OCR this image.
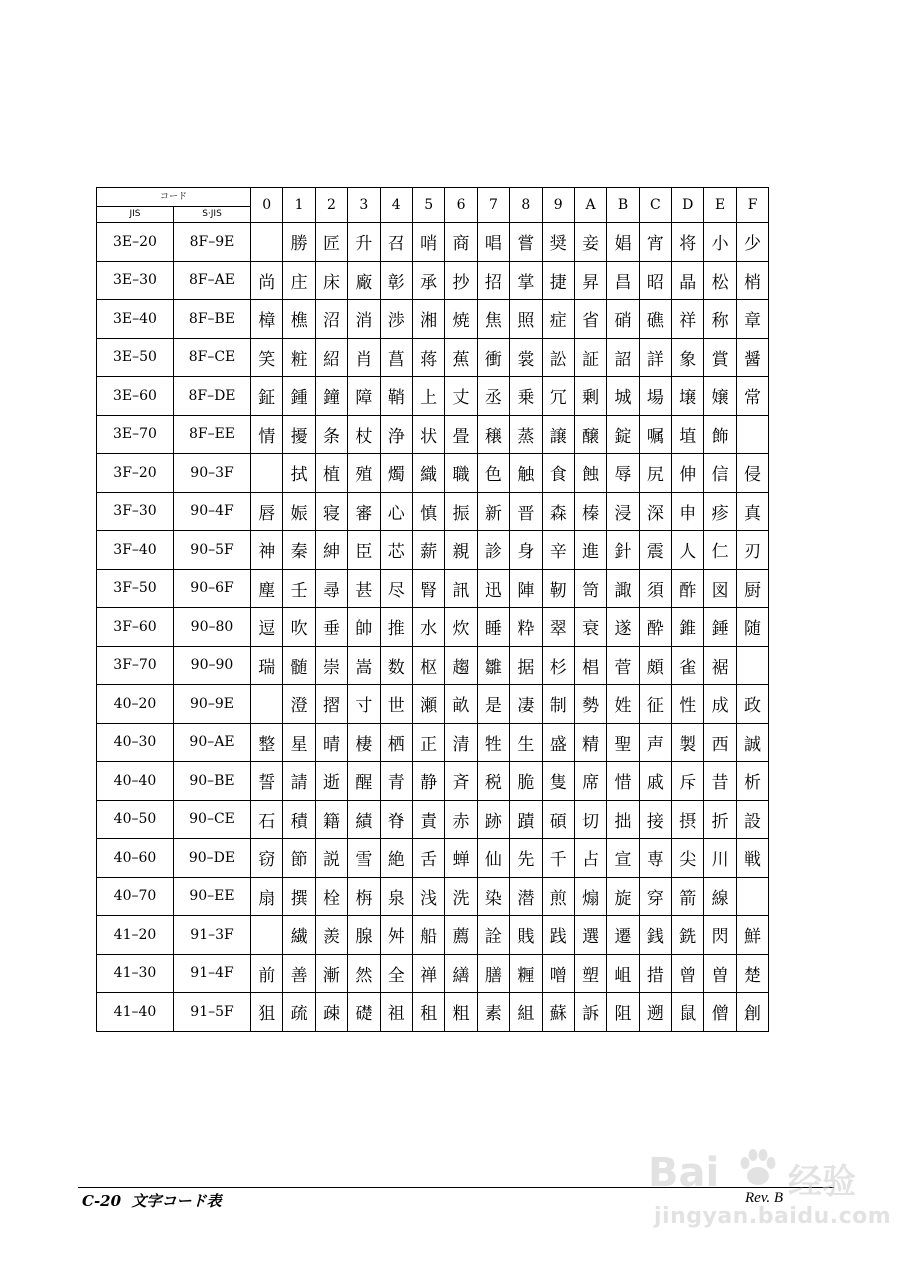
コード		0	1	2	3	4	5	6	7	8	9	A	B	C	D	E	F
JIS	S·JIS																
3E–20	8F–9E		勝	匠	升	召	哨	商	唱	嘗	奨	妾	娼	宵	将	小	少
3E–30	8F–AE	尚	庄	床	廠	彰	承	抄	招	掌	捷	昇	昌	昭	晶	松	梢
3E–40	8F–BE	樟	樵	沼	消	渉	湘	焼	焦	照	症	省	硝	礁	祥	称	章
3E–50	8F–CE	笑	粧	紹	肖	菖	蒋	蕉	衝	裳	訟	証	詔	詳	象	賞	醤
3E–60	8F–DE	鉦	鍾	鐘	障	鞘	上	丈	丞	乗	冗	剰	城	場	壌	嬢	常
3E–70	8F–EE	情	擾	条	杖	浄	状	畳	穣	蒸	譲	醸	錠	嘱	埴	飾	
3F–20	90–3F		拭	植	殖	燭	織	職	色	触	食	蝕	辱	尻	伸	信	侵
3F–30	90–4F	唇	娠	寝	審	心	慎	振	新	晋	森	榛	浸	深	申	疹	真
3F–40	90–5F	神	秦	紳	臣	芯	薪	親	診	身	辛	進	針	震	人	仁	刃
3F–50	90–6F	塵	壬	尋	甚	尽	腎	訊	迅	陣	靭	笥	諏	須	酢	図	厨
3F–60	90–80	逗	吹	垂	帥	推	水	炊	睡	粋	翠	衰	遂	酔	錐	錘	随
3F–70	90–90	瑞	髄	崇	嵩	数	枢	趨	雛	据	杉	椙	菅	頗	雀	裾	
40–20	90–9E		澄	摺	寸	世	瀬	畝	是	凄	制	勢	姓	征	性	成	政
40–30	90–AE	整	星	晴	棲	栖	正	清	牲	生	盛	精	聖	声	製	西	誠
40–40	90–BE	誓	請	逝	醒	青	静	斉	税	脆	隻	席	惜	戚	斥	昔	析
40–50	90–CE	石	積	籍	績	脊	責	赤	跡	蹟	碩	切	拙	接	摂	折	設
40–60	90–DE	窃	節	説	雪	絶	舌	蝉	仙	先	千	占	宣	専	尖	川	戦
40–70	90–EE	扇	撰	栓	栴	泉	浅	洗	染	潜	煎	煽	旋	穿	箭	線	
41–20	91–3F		繊	羨	腺	舛	船	薦	詮	賎	践	選	遷	銭	銑	閃	鮮
41–30	91–4F	前	善	漸	然	全	禅	繕	膳	糎	噌	塑	岨	措	曾	曽	楚
41–40	91–5F	狙	疏	疎	礎	祖	租	粗	素	組	蘇	訴	阻	遡	鼠	僧	創
C-20 文字コード表	Rev. B
Bai 经验
jingyan.baidu.com
